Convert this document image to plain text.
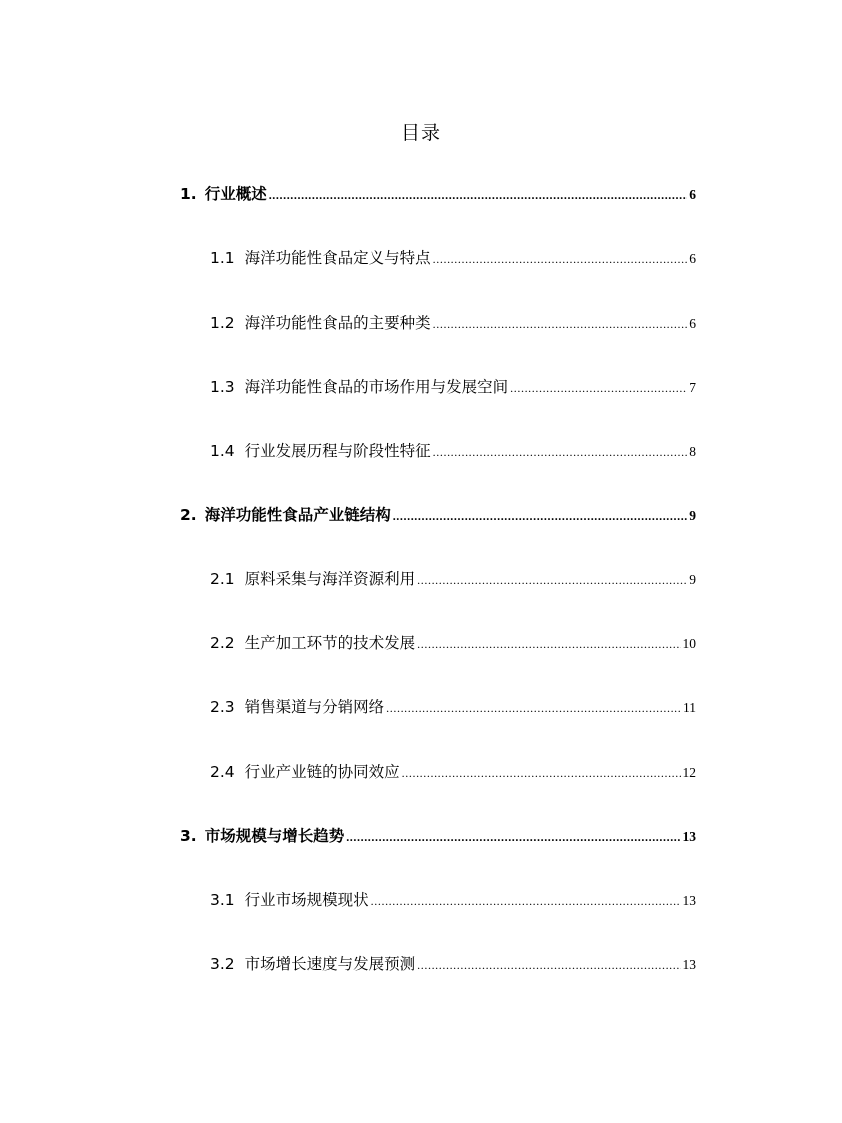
目录
1. 行业概述 .....	6
1.1 海洋功能性食品定义与特点 .....	6
1.2 海洋功能性食品的主要种类 .....	6
1.3 海洋功能性食品的市场作用与发展空间 .....	7
1.4 行业发展历程与阶段性特征 .....	8
2. 海洋功能性食品产业链结构 .....	9
2.1 原料采集与海洋资源利用 .....	9
2.2 生产加工环节的技术发展 .....	10
2.3 销售渠道与分销网络 .....	11
2.4 行业产业链的协同效应 .....	12
3. 市场规模与增长趋势 .....	13
3.1 行业市场规模现状 .....	13
3.2 市场增长速度与发展预测 .....	13
